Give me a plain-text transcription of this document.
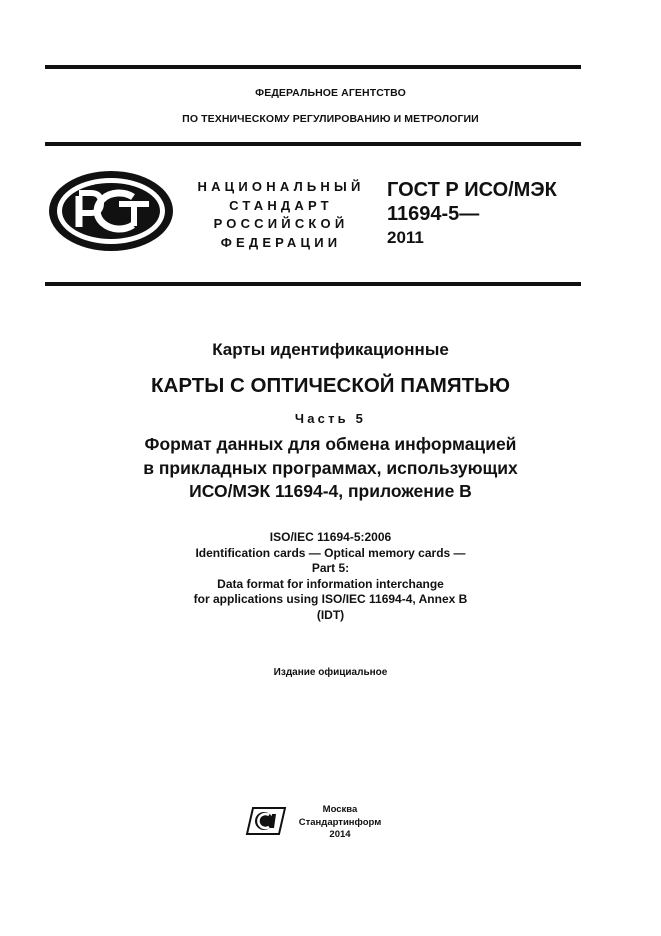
ФЕДЕРАЛЬНОЕ АГЕНТСТВО
ПО ТЕХНИЧЕСКОМУ РЕГУЛИРОВАНИЮ И МЕТРОЛОГИИ
НАЦИОНАЛЬНЫЙ
СТАНДАРТ
РОССИЙСКОЙ
ФЕДЕРАЦИИ
ГОСТ Р ИСО/МЭК
11694-5—
2011
Карты идентификационные
КАРТЫ С ОПТИЧЕСКОЙ ПАМЯТЬЮ
Часть 5
Формат данных для обмена информацией
в прикладных программах, использующих
ИСО/МЭК 11694-4, приложение В
ISO/IEC 11694-5:2006
Identification cards — Optical memory cards —
Part 5:
Data format for information interchange
for applications using ISO/IEC 11694-4, Annex B
(IDT)
Издание официальное
Москва
Стандартинформ
2014
